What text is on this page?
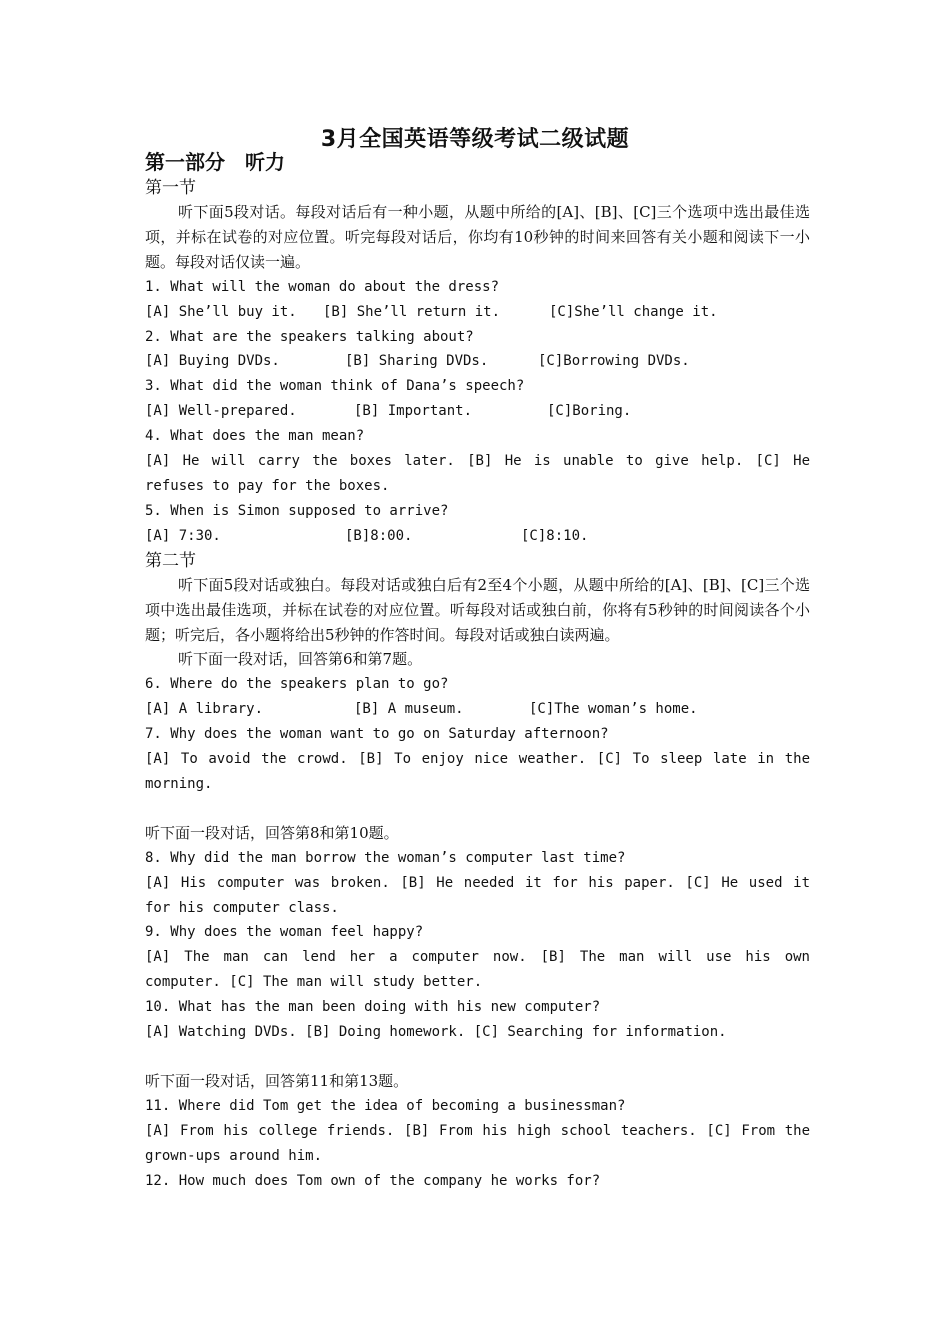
3月全国英语等级考试二级试题
第一部分　听力
第一节

听下面5段对话。每段对话后有一种小题，从题中所给的[A]、[B]、[C]三个选项中选出最佳选项，并标在试卷的对应位置。听完每段对话后，你均有10秒钟的时间来回答有关小题和阅读下一小题。每段对话仅读一遍。

1. What will the woman do about the dress?

[A] She’ll buy it.	[B] She’ll return it.	[C]She’ll change it.

2. What are the speakers talking about?

[A] Buying DVDs.	[B] Sharing DVDs.	[C]Borrowing DVDs.

3. What did the woman think of Dana’s speech?

[A] Well-prepared.	[B] Important.	[C]Boring.

4. What does the man mean?

[A] He will carry the boxes later. [B] He is unable to give help. [C] He refuses to pay for the boxes.

5. When is Simon supposed to arrive?

[A] 7:30.	[B]8:00.	[C]8:10.
第二节

听下面5段对话或独白。每段对话或独白后有2至4个小题，从题中所给的[A]、[B]、[C]三个选项中选出最佳选项，并标在试卷的对应位置。听每段对话或独白前，你将有5秒钟的时间阅读各个小题；听完后，各小题将给出5秒钟的作答时间。每段对话或独白读两遍。

听下面一段对话，回答第6和第7题。

6. Where do the speakers plan to go?

[A] A library.	[B] A museum.	[C]The woman’s home.

7. Why does the woman want to go on Saturday afternoon?

[A] To avoid the crowd. [B] To enjoy nice weather. [C] To sleep late in the morning.

听下面一段对话，回答第8和第10题。

8. Why did the man borrow the woman’s computer last time?

[A] His computer was broken. [B] He needed it for his paper. [C] He used it for his computer class.

9. Why does the woman feel happy?

[A] The man can lend her a computer now. [B] The man will use his own computer. [C] The man will study better.

10. What has the man been doing with his new computer?

[A] Watching DVDs. [B] Doing homework. [C] Searching for information.

听下面一段对话，回答第11和第13题。

11. Where did Tom get the idea of becoming a businessman?

[A] From his college friends. [B] From his high school teachers. [C] From the grown-ups around him.

12. How much does Tom own of the company he works for?
